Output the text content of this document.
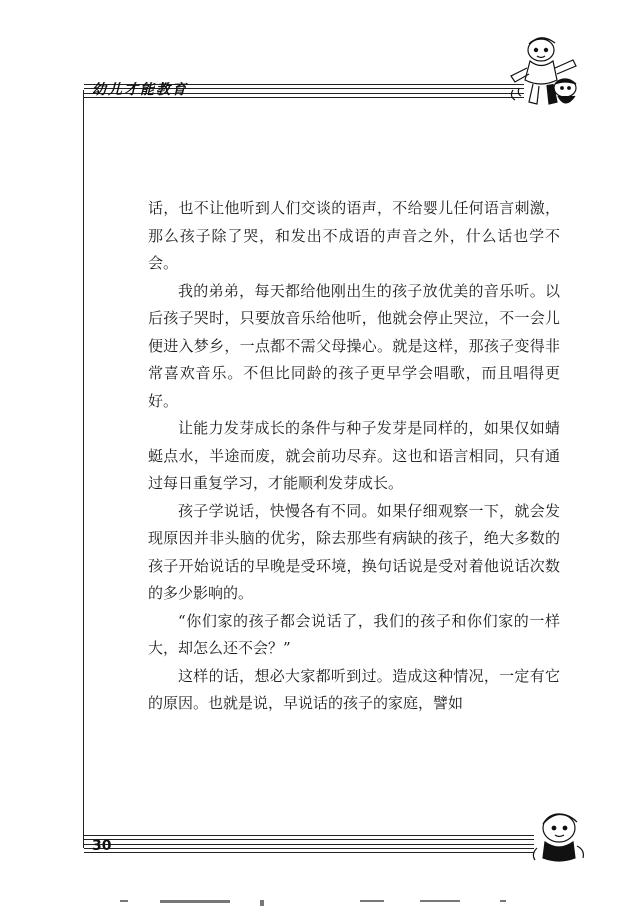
幼儿才能教育

话，也不让他听到人们交谈的语声，不给婴儿任何语言刺激，那么孩子除了哭，和发出不成语的声音之外，什么话也学不会。

我的弟弟，每天都给他刚出生的孩子放优美的音乐听。以后孩子哭时，只要放音乐给他听，他就会停止哭泣，不一会儿便进入梦乡，一点都不需父母操心。就是这样，那孩子变得非常喜欢音乐。不但比同龄的孩子更早学会唱歌，而且唱得更好。

让能力发芽成长的条件与种子发芽是同样的，如果仅如蜻蜓点水，半途而废，就会前功尽弃。这也和语言相同，只有通过每日重复学习，才能顺利发芽成长。

孩子学说话，快慢各有不同。如果仔细观察一下，就会发现原因并非头脑的优劣，除去那些有病缺的孩子，绝大多数的孩子开始说话的早晚是受环境，换句话说是受对着他说话次数的多少影响的。

“你们家的孩子都会说话了，我们的孩子和你们家的一样大，却怎么还不会？”

这样的话，想必大家都听到过。造成这种情况，一定有它的原因。也就是说，早说话的孩子的家庭，譬如

30
